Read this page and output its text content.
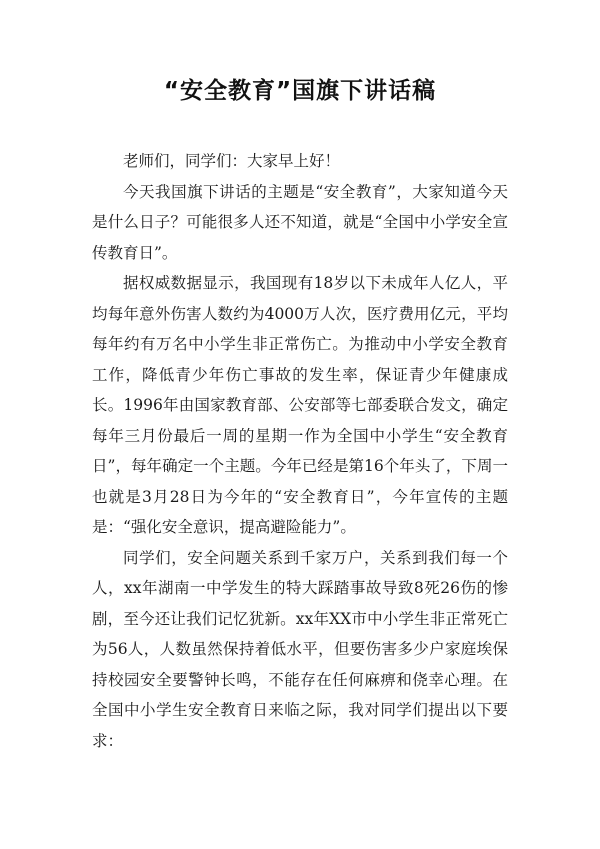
“安全教育”国旗下讲话稿

老师们，同学们：大家早上好！

今天我国旗下讲话的主题是“安全教育”，大家知道今天是什么日子？可能很多人还不知道，就是“全国中小学安全宣传教育日”。

据权威数据显示，我国现有18岁以下未成年人亿人，平均每年意外伤害人数约为4000万人次，医疗费用亿元，平均每年约有万名中小学生非正常伤亡。为推动中小学安全教育工作，降低青少年伤亡事故的发生率，保证青少年健康成长。1996年由国家教育部、公安部等七部委联合发文，确定每年三月份最后一周的星期一作为全国中小学生“安全教育日”，每年确定一个主题。今年已经是第16个年头了，下周一也就是3月28日为今年的“安全教育日”，今年宣传的主题是：“强化安全意识，提高避险能力”。

同学们，安全问题关系到千家万户，关系到我们每一个人，xx年湖南一中学发生的特大踩踏事故导致8死26伤的惨剧，至今还让我们记忆犹新。xx年XX市中小学生非正常死亡为56人，人数虽然保持着低水平，但要伤害多少户家庭埃保持校园安全要警钟长鸣，不能存在任何麻痹和侥幸心理。在全国中小学生安全教育日来临之际，我对同学们提出以下要求：
